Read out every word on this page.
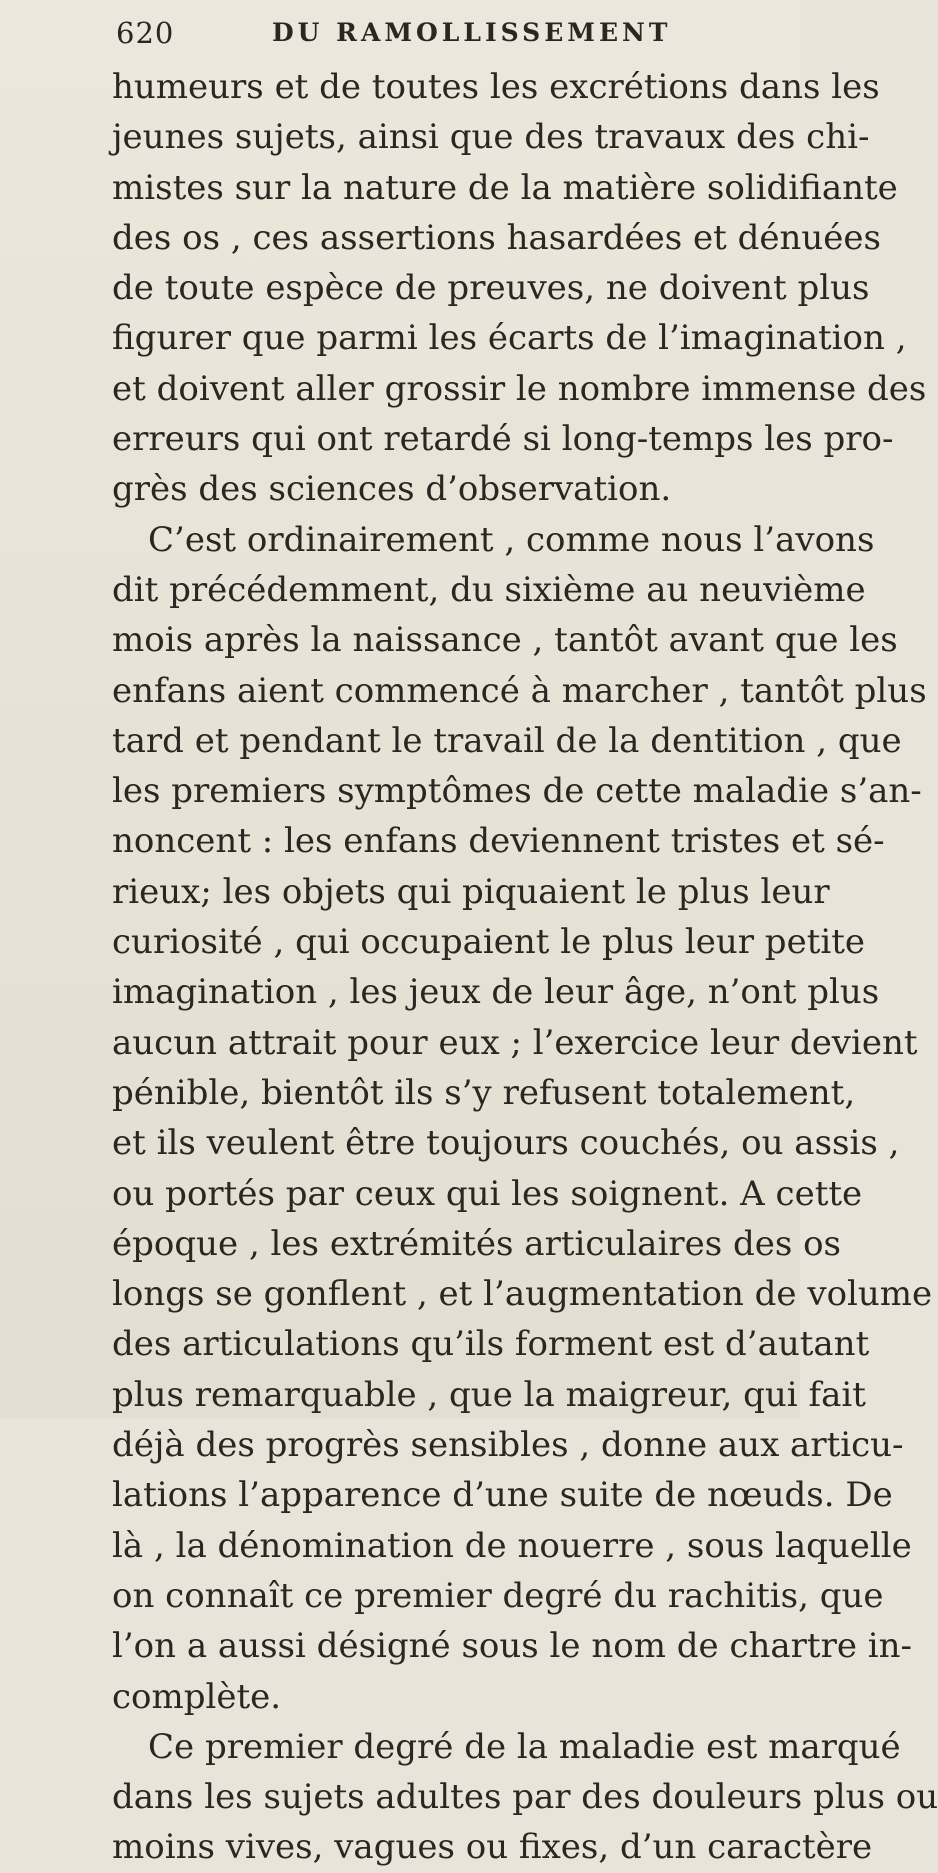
620	DU RAMOLLISSEMENT
humeurs et de toutes les excrétions dans les
jeunes sujets, ainsi que des travaux des chi-
mistes sur la nature de la matière solidifiante
des os , ces assertions hasardées et dénuées
de toute espèce de preuves, ne doivent plus
figurer que parmi les écarts de l’imagination ,
et doivent aller grossir le nombre immense des
erreurs qui ont retardé si long-temps les pro-
grès des sciences d’observation.
C’est ordinairement , comme nous l’avons
dit précédemment, du sixième au neuvième
mois après la naissance , tantôt avant que les
enfans aient commencé à marcher , tantôt plus
tard et pendant le travail de la dentition , que
les premiers symptômes de cette maladie s’an-
noncent : les enfans deviennent tristes et sé-
rieux; les objets qui piquaient le plus leur
curiosité , qui occupaient le plus leur petite
imagination , les jeux de leur âge, n’ont plus
aucun attrait pour eux ; l’exercice leur devient
pénible, bientôt ils s’y refusent totalement,
et ils veulent être toujours couchés, ou assis ,
ou portés par ceux qui les soignent. A cette
époque , les extrémités articulaires des os
longs se gonflent , et l’augmentation de volume
des articulations qu’ils forment est d’autant
plus remarquable , que la maigreur, qui fait
déjà des progrès sensibles , donne aux articu-
lations l’apparence d’une suite de nœuds. De
là , la dénomination de nouerre , sous laquelle
on connaît ce premier degré du rachitis, que
l’on a aussi désigné sous le nom de chartre in-
complète.
Ce premier degré de la maladie est marqué
dans les sujets adultes par des douleurs plus ou
moins vives, vagues ou fixes, d’un caractère
